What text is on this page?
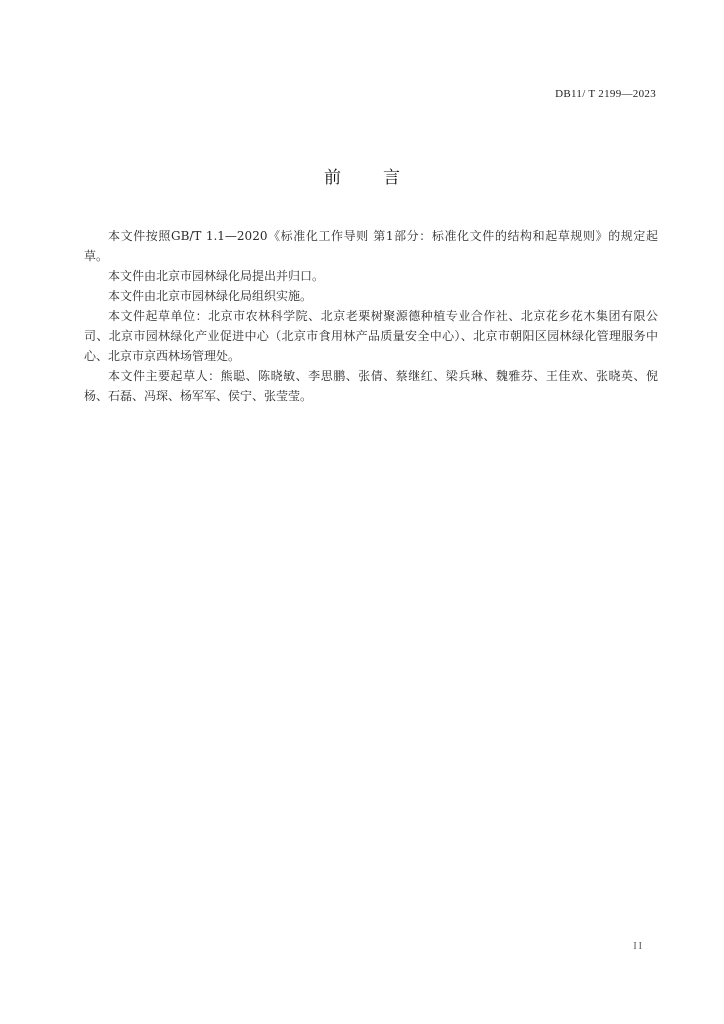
DB11/ T 2199—2023
前 言

本文件按照GB/T 1.1—2020《标准化工作导则 第1部分：标准化文件的结构和起草规则》的规定起草。

本文件由北京市园林绿化局提出并归口。

本文件由北京市园林绿化局组织实施。

本文件起草单位：北京市农林科学院、北京老栗树聚源德种植专业合作社、北京花乡花木集团有限公司、北京市园林绿化产业促进中心（北京市食用林产品质量安全中心）、北京市朝阳区园林绿化管理服务中心、北京市京西林场管理处。

本文件主要起草人：熊聪、陈晓敏、李思鹏、张倩、蔡继红、梁兵琳、魏雅芬、王佳欢、张晓英、倪杨、石磊、冯琛、杨军军、侯宁、张莹莹。

II
